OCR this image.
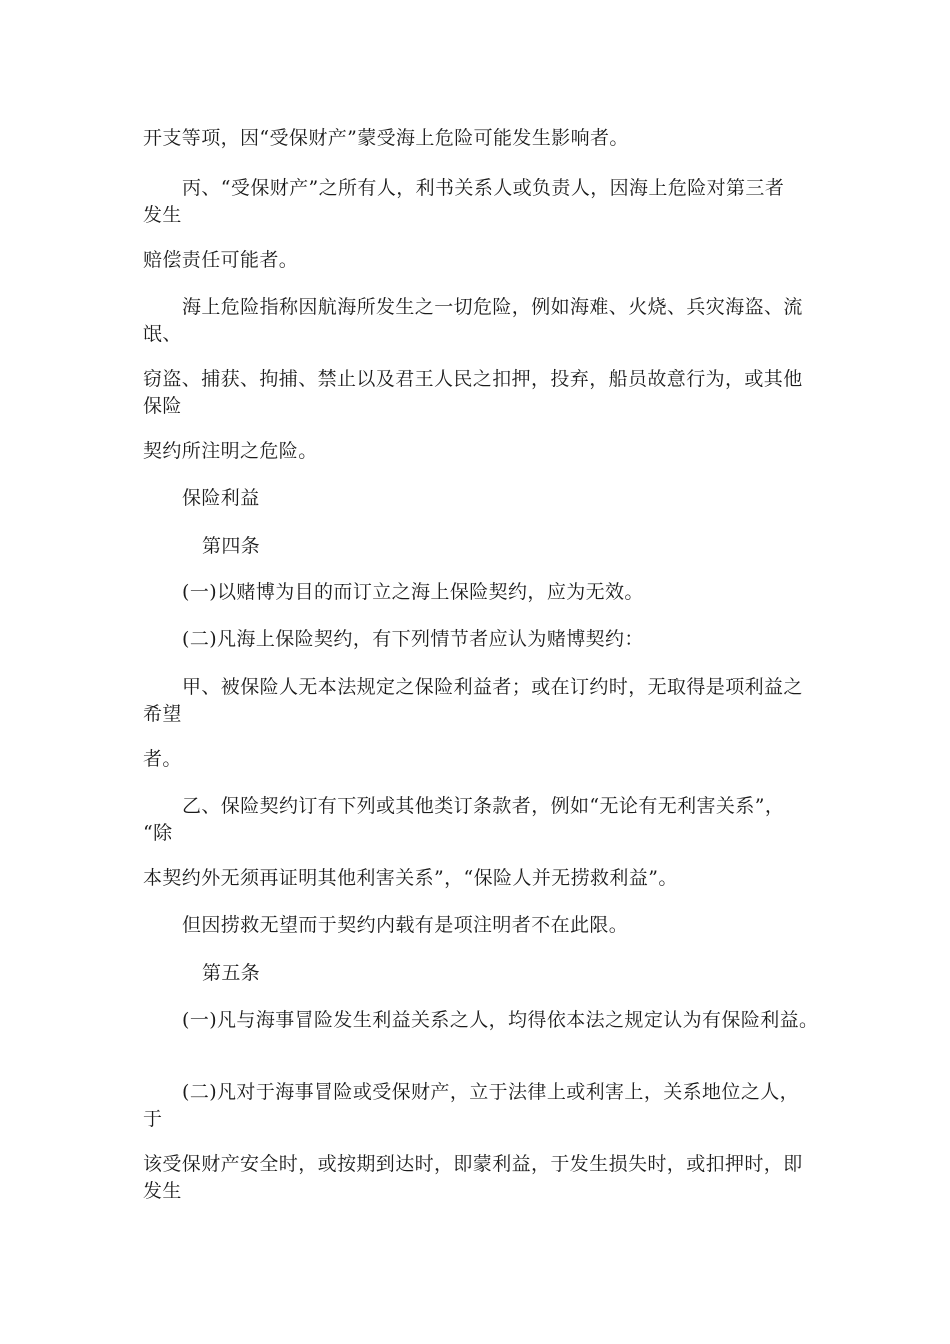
开支等项，因“受保财产”蒙受海上危险可能发生影响者。
丙、“受保财产”之所有人，利书关系人或负责人，因海上危险对第三者
发生
赔偿责任可能者。
海上危险指称因航海所发生之一切危险，例如海难、火烧、兵灾海盗、流
氓、
窃盗、捕获、拘捕、禁止以及君王人民之扣押，投弃，船员故意行为，或其他
保险
契约所注明之危险。
保险利益
第四条
(一)以赌博为目的而订立之海上保险契约，应为无效。
(二)凡海上保险契约，有下列情节者应认为赌博契约：
甲、被保险人无本法规定之保险利益者；或在订约时，无取得是项利益之
希望
者。
乙、保险契约订有下列或其他类订条款者，例如“无论有无利害关系”，
“除
本契约外无须再证明其他利害关系”，“保险人并无捞救利益”。
但因捞救无望而于契约内载有是项注明者不在此限。
第五条
(一)凡与海事冒险发生利益关系之人，均得依本法之规定认为有保险利益。
(二)凡对于海事冒险或受保财产，立于法律上或利害上，关系地位之人，
于
该受保财产安全时，或按期到达时，即蒙利益，于发生损失时，或扣押时，即
发生
